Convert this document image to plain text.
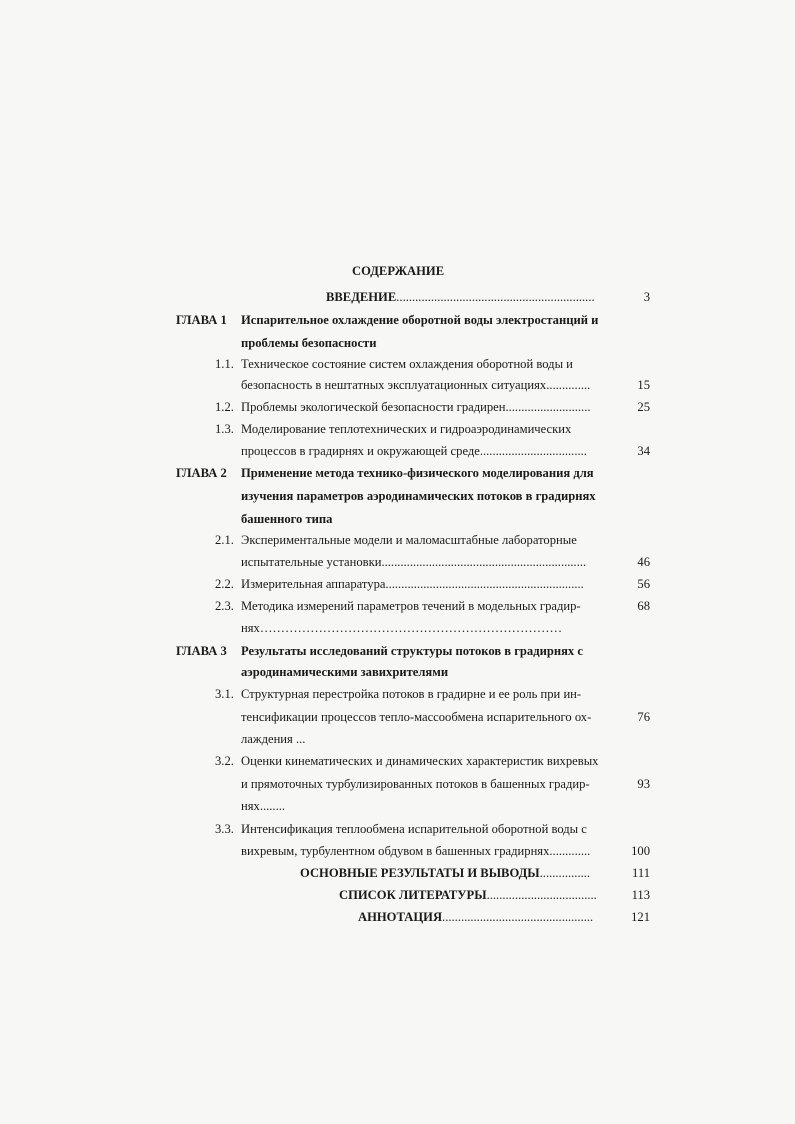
СОДЕРЖАНИЕ
ВВЕДЕНИЕ...............................................................	3
ГЛАВА 1 Испарительное охлаждение оборотной воды электростанций и
проблемы безопасности
1.1. Техническое состояние систем охлаждения оборотной воды и
безопасность в нештатных эксплуатационных ситуациях..............	15
1.2. Проблемы экологической безопасности градирен...........................	25
1.3. Моделирование теплотехнических и гидроаэродинамических
процессов в градирнях и окружающей среде..................................	34
ГЛАВА 2 Применение метода технико-физического моделирования для
изучения параметров аэродинамических потоков в градирнях
башенного типа
2.1. Экспериментальные модели и маломасштабные лабораторные
испытательные установки.................................................................	46
2.2. Измерительная аппаратура...............................................................	56
2.3. Методика измерений параметров течений в модельных градир-	68
нях………………………………………………………………
ГЛАВА 3 Результаты исследований структуры потоков в градирнях с
аэродинамическими завихрителями
3.1. Структурная перестройка потоков в градирне и ее роль при ин-
тенсификации процессов тепло-массообмена испарительного ох-	76
лаждения ...
3.2. Оценки кинематических и динамических характеристик вихревых
и прямоточных турбулизированных потоков в башенных градир-	93
нях........
3.3. Интенсификация теплообмена испарительной оборотной воды с
вихревым, турбулентном обдувом в башенных градирнях.............	100
ОСНОВНЫЕ РЕЗУЛЬТАТЫ И ВЫВОДЫ................	111
СПИСОК ЛИТЕРАТУРЫ...................................	113
АННОТАЦИЯ................................................	121
